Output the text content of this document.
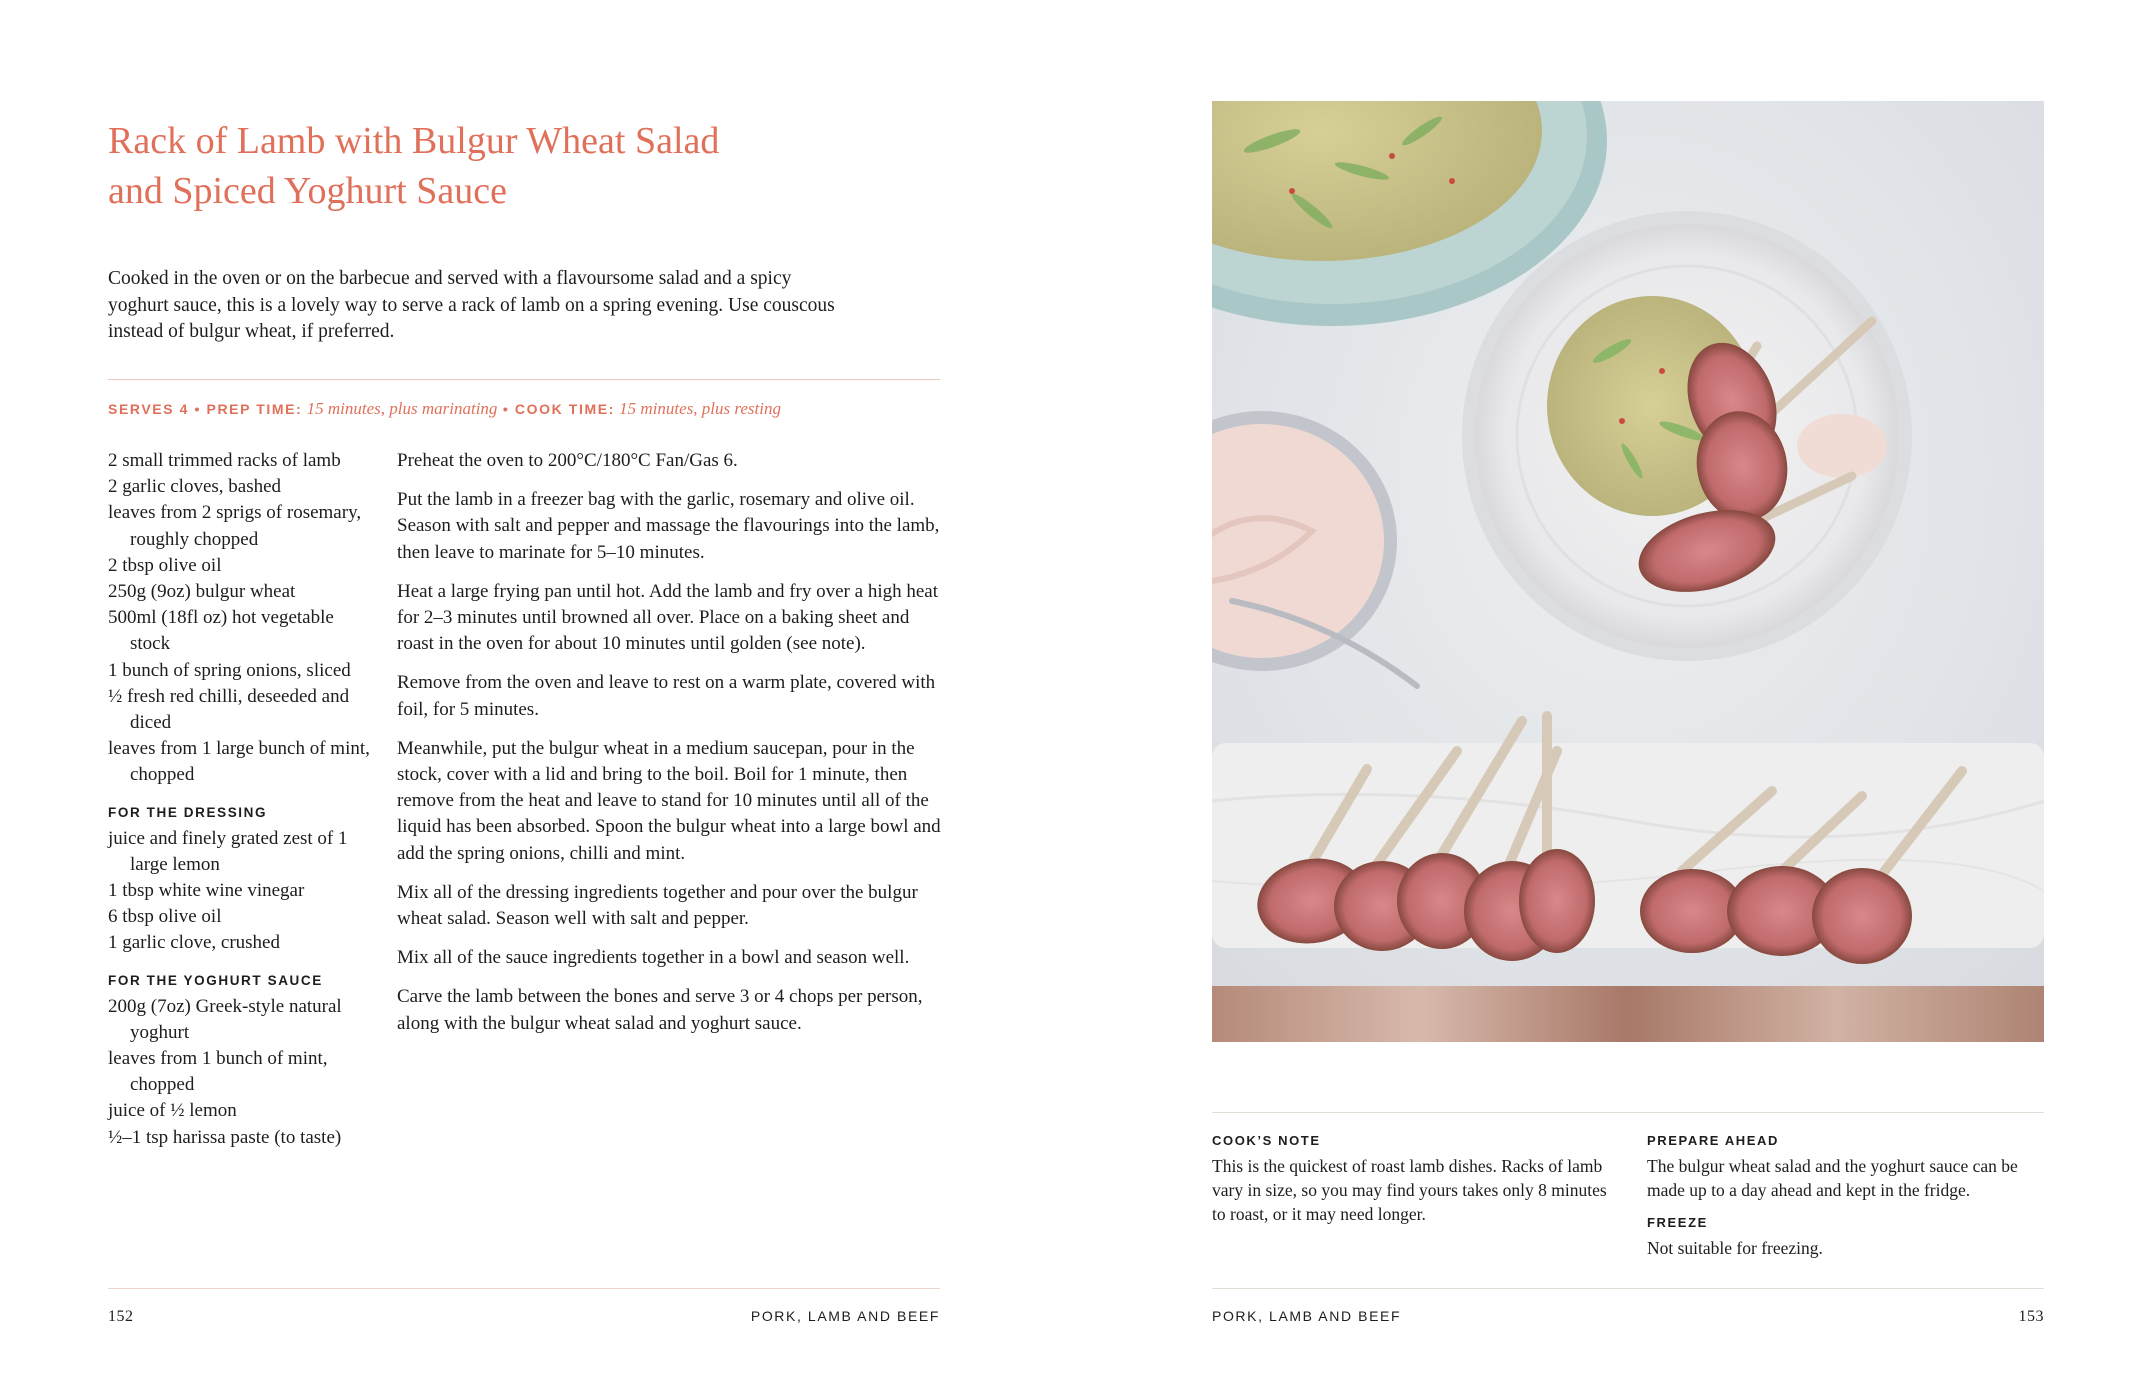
Rack of Lamb with Bulgur Wheat Salad
and Spiced Yoghurt Sauce

Cooked in the oven or on the barbecue and served with a flavoursome salad and a spicy yoghurt sauce, this is a lovely way to serve a rack of lamb on a spring evening. Use couscous instead of bulgur wheat, if preferred.

SERVES 4 • PREP TIME: 15 minutes, plus marinating • COOK TIME: 15 minutes, plus resting
2 small trimmed racks of lamb
2 garlic cloves, bashed
leaves from 2 sprigs of rosemary, roughly chopped
2 tbsp olive oil
250g (9oz) bulgur wheat
500ml (18fl oz) hot vegetable stock
1 bunch of spring onions, sliced
½ fresh red chilli, deseeded and diced
leaves from 1 large bunch of mint, chopped
FOR THE DRESSING
juice and finely grated zest of 1 large lemon
1 tbsp white wine vinegar
6 tbsp olive oil
1 garlic clove, crushed
FOR THE YOGHURT SAUCE
200g (7oz) Greek-style natural yoghurt
leaves from 1 bunch of mint, chopped
juice of ½ lemon
½–1 tsp harissa paste (to taste)

Preheat the oven to 200°C/180°C Fan/Gas 6.

Put the lamb in a freezer bag with the garlic, rosemary and olive oil. Season with salt and pepper and massage the flavourings into the lamb, then leave to marinate for 5–10 minutes.

Heat a large frying pan until hot. Add the lamb and fry over a high heat for 2–3 minutes until browned all over. Place on a baking sheet and roast in the oven for about 10 minutes until golden (see note).

Remove from the oven and leave to rest on a warm plate, covered with foil, for 5 minutes.

Meanwhile, put the bulgur wheat in a medium saucepan, pour in the stock, cover with a lid and bring to the boil. Boil for 1 minute, then remove from the heat and leave to stand for 10 minutes until all of the liquid has been absorbed. Spoon the bulgur wheat into a large bowl and add the spring onions, chilli and mint.

Mix all of the dressing ingredients together and pour over the bulgur wheat salad. Season well with salt and pepper.

Mix all of the sauce ingredients together in a bowl and season well.

Carve the lamb between the bones and serve 3 or 4 chops per person, along with the bulgur wheat salad and yoghurt sauce.

152	PORK, LAMB AND BEEF
COOK’S NOTE

This is the quickest of roast lamb dishes. Racks of lamb vary in size, so you may find yours takes only 8 minutes to roast, or it may need longer.

PREPARE AHEAD

The bulgur wheat salad and the yoghurt sauce can be made up to a day ahead and kept in the fridge.

FREEZE

Not suitable for freezing.

PORK, LAMB AND BEEF	153
